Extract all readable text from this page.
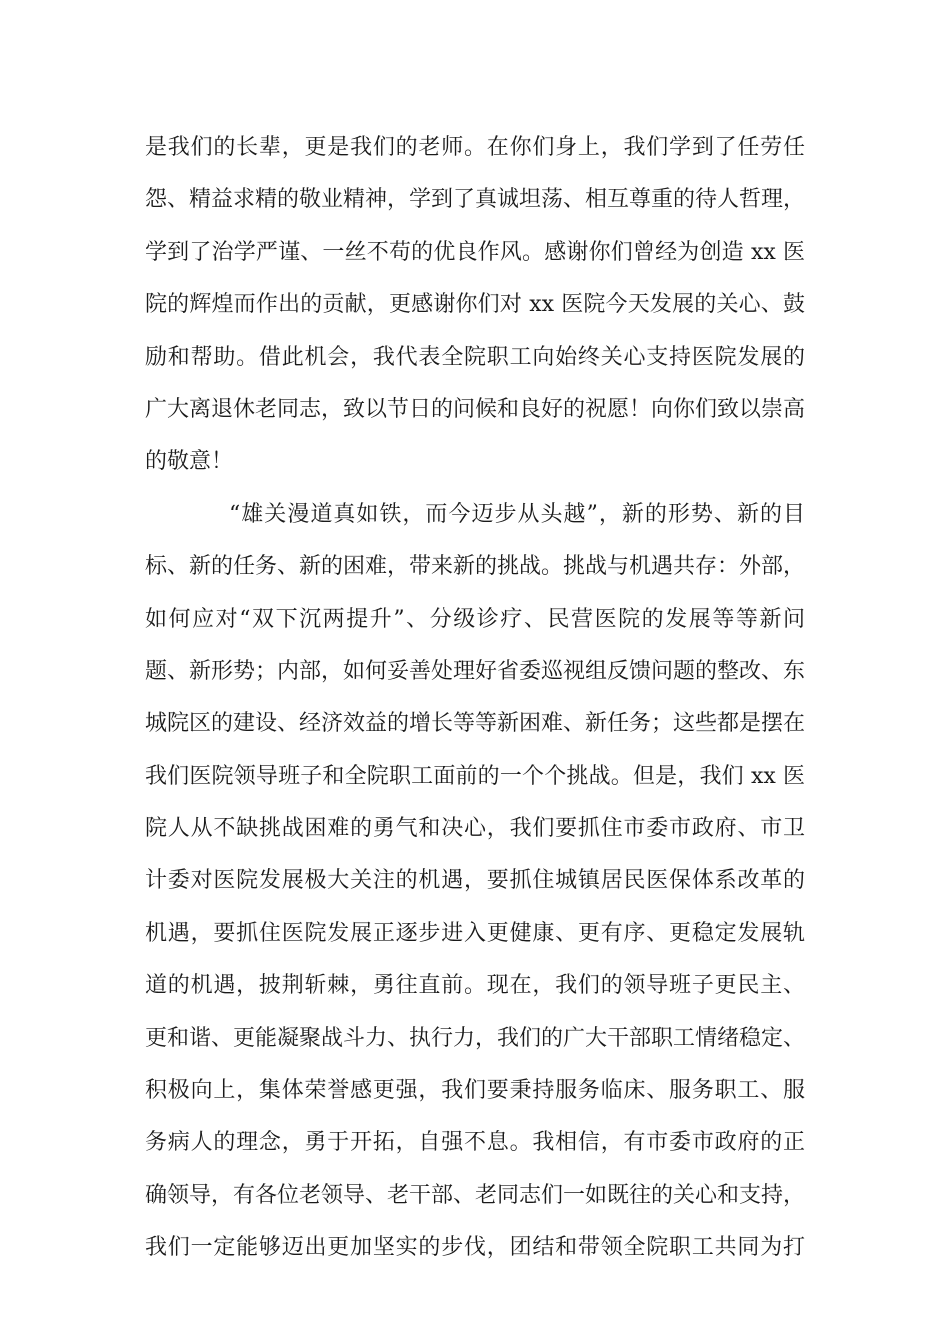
是我们的长辈，更是我们的老师。在你们身上，我们学到了任劳任
怨、精益求精的敬业精神，学到了真诚坦荡、相互尊重的待人哲理，
学到了治学严谨、一丝不苟的优良作风。感谢你们曾经为创造 xx 医
院的辉煌而作出的贡献，更感谢你们对 xx 医院今天发展的关心、鼓
励和帮助。借此机会，我代表全院职工向始终关心支持医院发展的
广大离退休老同志，致以节日的问候和良好的祝愿！向你们致以崇高
的敬意！
“雄关漫道真如铁，而今迈步从头越”，新的形势、新的目
标、新的任务、新的困难，带来新的挑战。挑战与机遇共存：外部，
如何应对“双下沉两提升”、分级诊疗、民营医院的发展等等新问
题、新形势；内部，如何妥善处理好省委巡视组反馈问题的整改、东
城院区的建设、经济效益的增长等等新困难、新任务；这些都是摆在
我们医院领导班子和全院职工面前的一个个挑战。但是，我们 xx 医
院人从不缺挑战困难的勇气和决心，我们要抓住市委市政府、市卫
计委对医院发展极大关注的机遇，要抓住城镇居民医保体系改革的
机遇，要抓住医院发展正逐步进入更健康、更有序、更稳定发展轨
道的机遇，披荆斩棘，勇往直前。现在，我们的领导班子更民主、
更和谐、更能凝聚战斗力、执行力，我们的广大干部职工情绪稳定、
积极向上，集体荣誉感更强，我们要秉持服务临床、服务职工、服
务病人的理念，勇于开拓，自强不息。我相信，有市委市政府的正
确领导，有各位老领导、老干部、老同志们一如既往的关心和支持，
我们一定能够迈出更加坚实的步伐，团结和带领全院职工共同为打
